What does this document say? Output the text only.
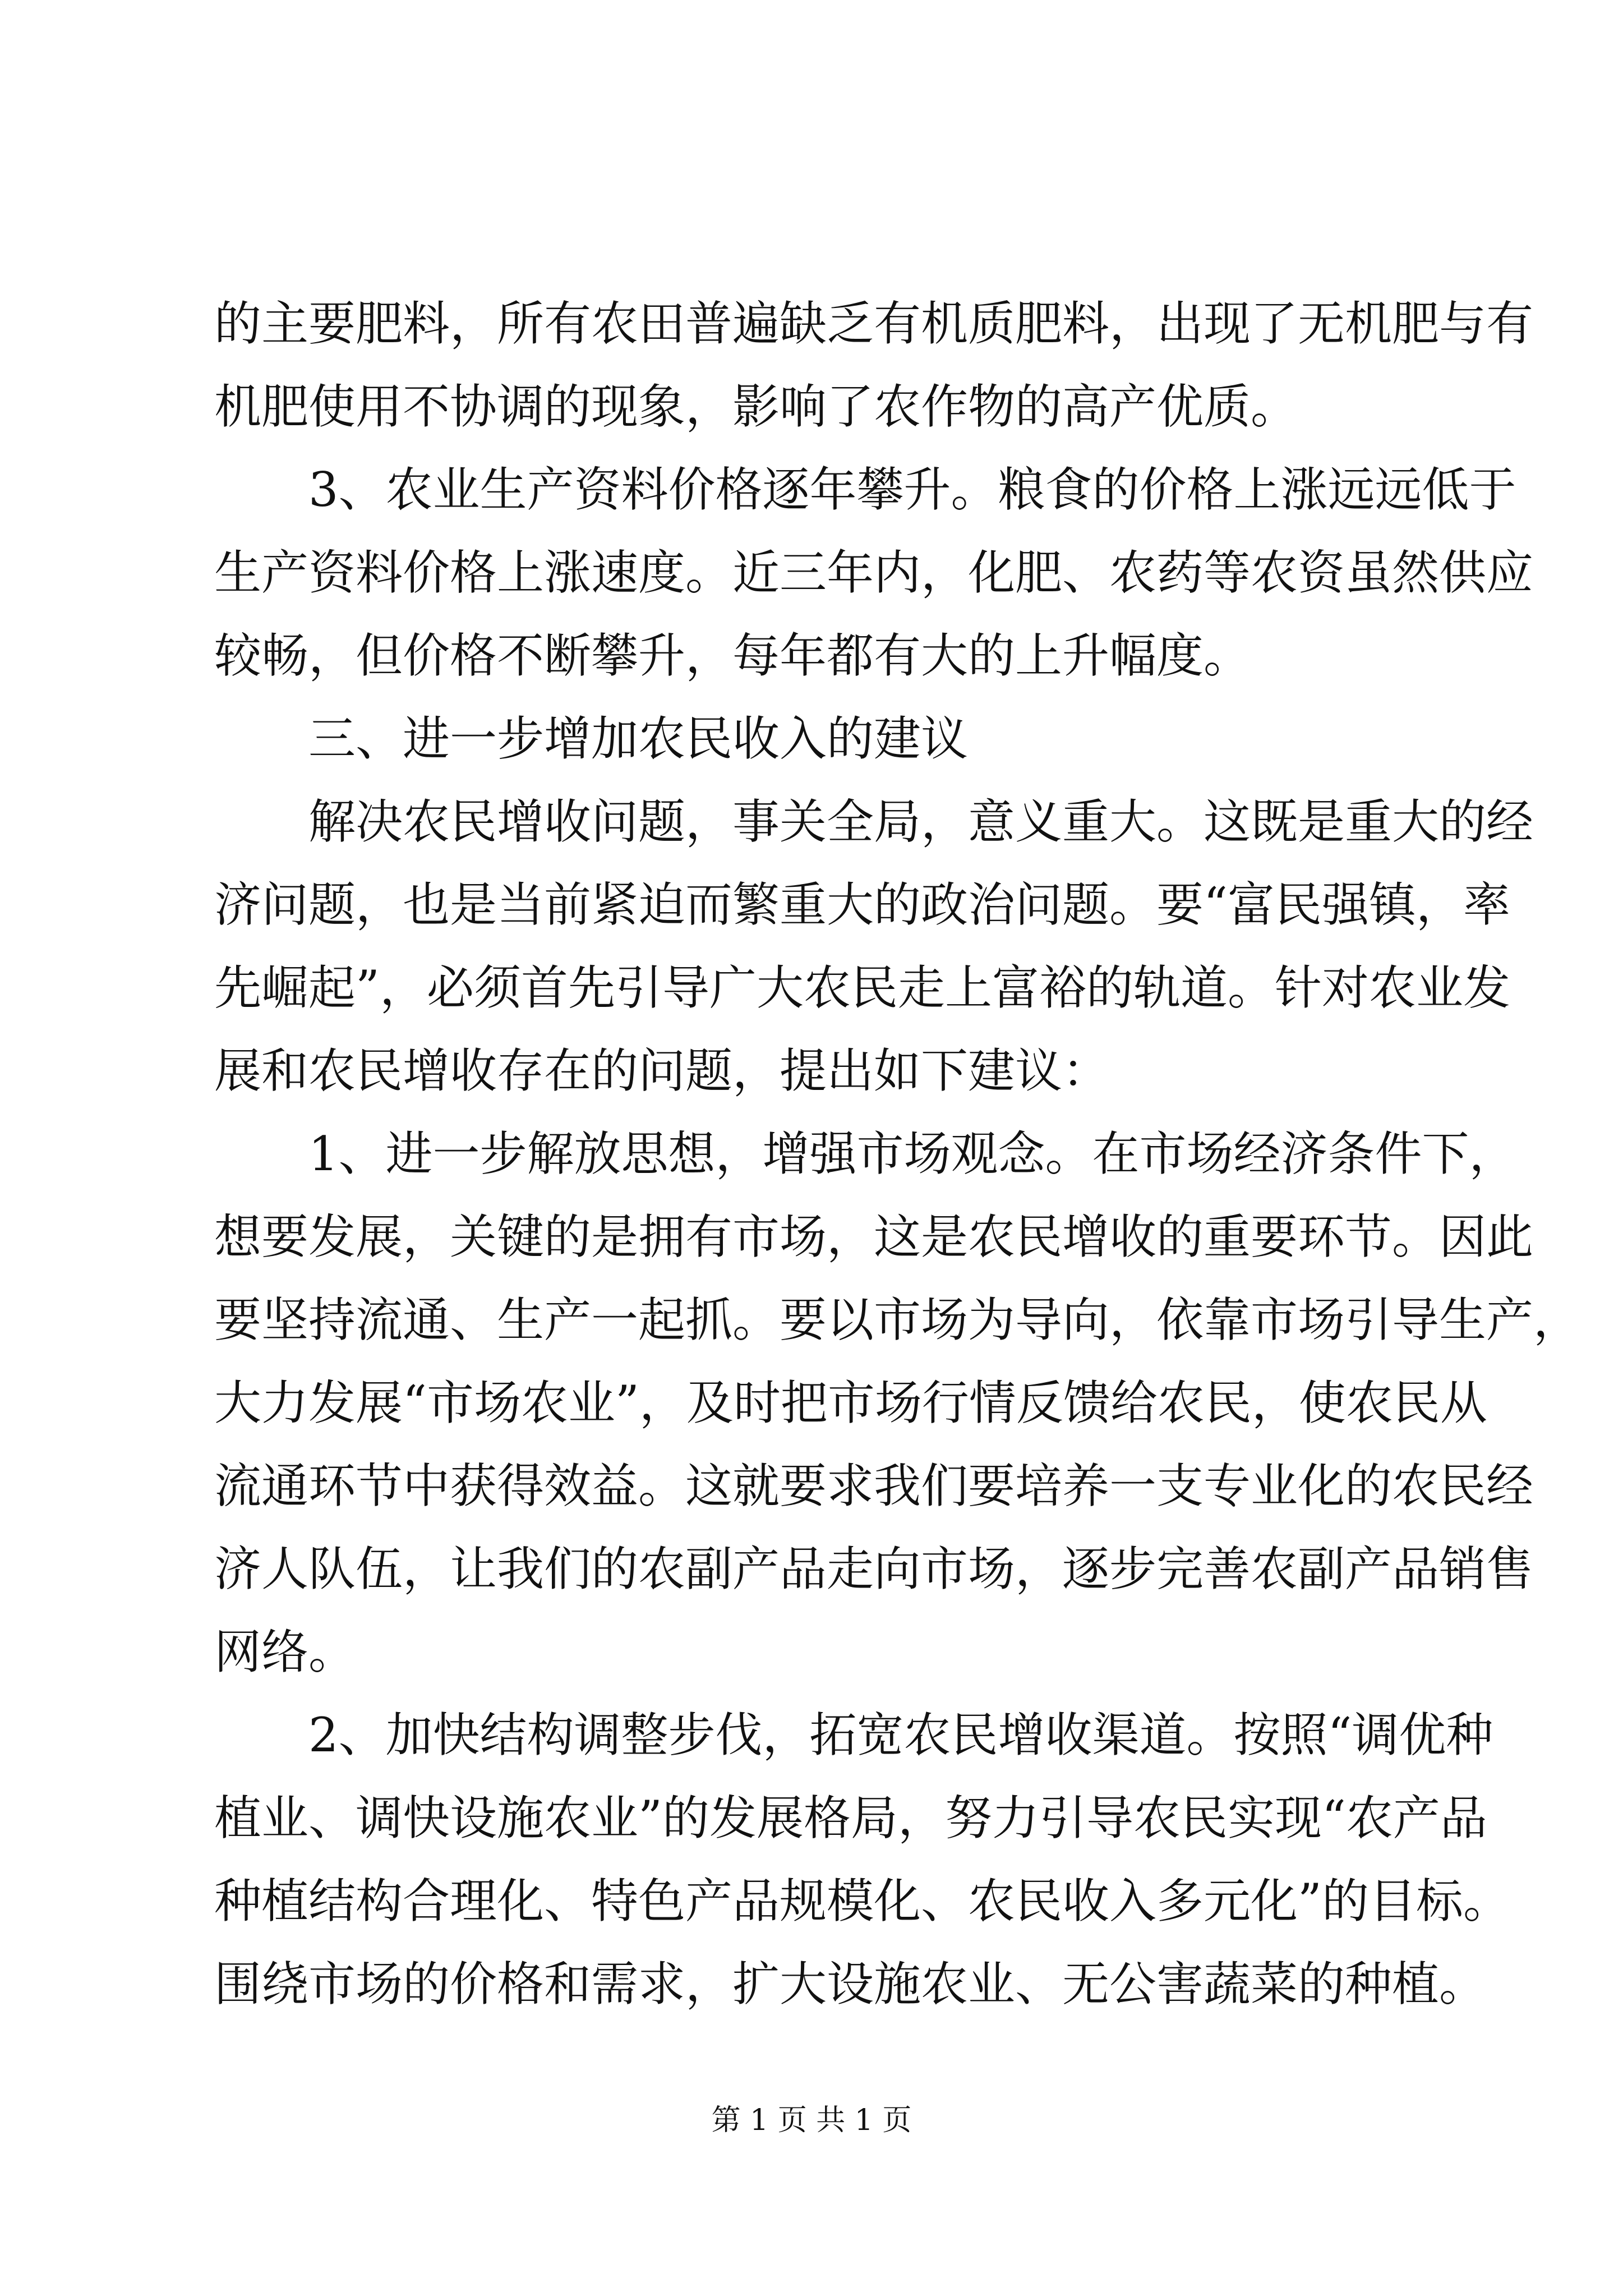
的主要肥料，所有农田普遍缺乏有机质肥料，出现了无机肥与有
机肥使用不协调的现象，影响了农作物的高产优质。
　　3、农业生产资料价格逐年攀升。粮食的价格上涨远远低于
生产资料价格上涨速度。近三年内，化肥、农药等农资虽然供应
较畅，但价格不断攀升，每年都有大的上升幅度。
　　三、进一步增加农民收入的建议
　　解决农民增收问题，事关全局，意义重大。这既是重大的经
济问题，也是当前紧迫而繁重大的政治问题。要“富民强镇，率
先崛起”，必须首先引导广大农民走上富裕的轨道。针对农业发
展和农民增收存在的问题，提出如下建议：
　　1、进一步解放思想，增强市场观念。在市场经济条件下，
想要发展，关键的是拥有市场，这是农民增收的重要环节。因此
要坚持流通、生产一起抓。要以市场为导向，依靠市场引导生产，
大力发展“市场农业”，及时把市场行情反馈给农民，使农民从
流通环节中获得效益。这就要求我们要培养一支专业化的农民经
济人队伍，让我们的农副产品走向市场，逐步完善农副产品销售
网络。
　　2、加快结构调整步伐，拓宽农民增收渠道。按照“调优种
植业、调快设施农业”的发展格局，努力引导农民实现“农产品
种植结构合理化、特色产品规模化、农民收入多元化”的目标。
围绕市场的价格和需求，扩大设施农业、无公害蔬菜的种植。
第 1 页 共 1 页
